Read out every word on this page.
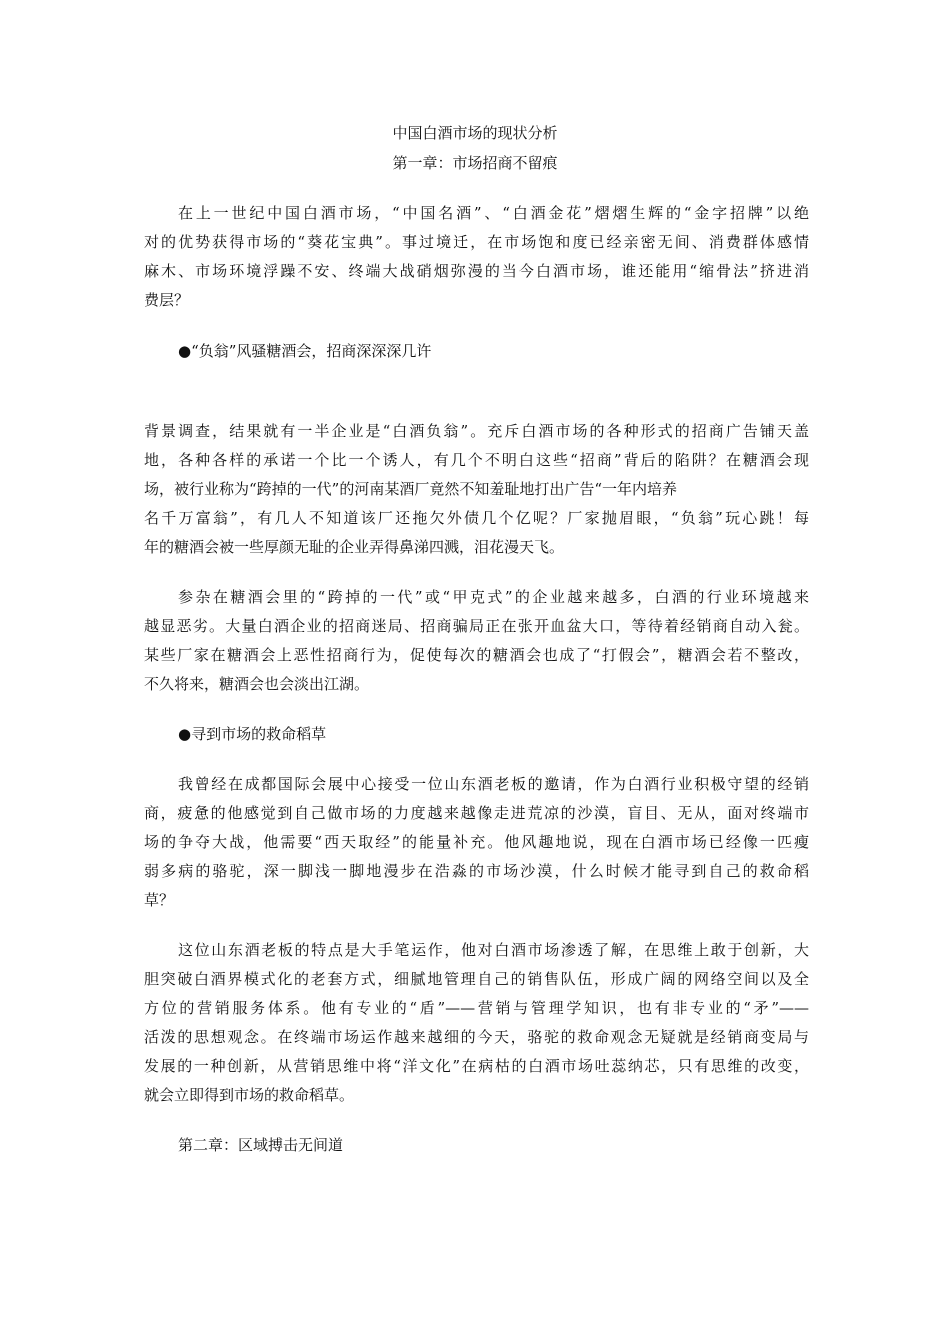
中国白酒市场的现状分析
第一章：市场招商不留痕
在上一世纪中国白酒市场，“中国名酒”、“白酒金花”熠熠生辉的“金字招牌”以绝
对的优势获得市场的“葵花宝典”。事过境迁，在市场饱和度已经亲密无间、消费群体感情
麻木、市场环境浮躁不安、终端大战硝烟弥漫的当今白酒市场，谁还能用“缩骨法”挤进消
费层？
●“负翁”风骚糖酒会，招商深深深几许
背景调查，结果就有一半企业是“白酒负翁”。充斥白酒市场的各种形式的招商广告铺天盖
地，各种各样的承诺一个比一个诱人，有几个不明白这些“招商”背后的陷阱？在糖酒会现
场，被行业称为“跨掉的一代”的河南某酒厂竟然不知羞耻地打出广告“一年内培养
名千万富翁”，有几人不知道该厂还拖欠外债几个亿呢？厂家抛眉眼，“负翁”玩心跳！每
年的糖酒会被一些厚颜无耻的企业弄得鼻涕四溅，泪花漫天飞。
参杂在糖酒会里的“跨掉的一代”或“甲克式”的企业越来越多，白酒的行业环境越来
越显恶劣。大量白酒企业的招商迷局、招商骗局正在张开血盆大口，等待着经销商自动入瓮。
某些厂家在糖酒会上恶性招商行为，促使每次的糖酒会也成了“打假会”，糖酒会若不整改，
不久将来，糖酒会也会淡出江湖。
●寻到市场的救命稻草
我曾经在成都国际会展中心接受一位山东酒老板的邀请，作为白酒行业积极守望的经销
商，疲惫的他感觉到自己做市场的力度越来越像走进荒凉的沙漠，盲目、无从，面对终端市
场的争夺大战，他需要“西天取经”的能量补充。他风趣地说，现在白酒市场已经像一匹瘦
弱多病的骆驼，深一脚浅一脚地漫步在浩淼的市场沙漠，什么时候才能寻到自己的救命稻
草？
这位山东酒老板的特点是大手笔运作，他对白酒市场渗透了解，在思维上敢于创新，大
胆突破白酒界模式化的老套方式，细腻地管理自己的销售队伍，形成广阔的网络空间以及全
方位的营销服务体系。他有专业的“盾”——营销与管理学知识，也有非专业的“矛”——
活泼的思想观念。在终端市场运作越来越细的今天，骆驼的救命观念无疑就是经销商变局与
发展的一种创新，从营销思维中将“洋文化”在病枯的白酒市场吐蕊纳芯，只有思维的改变，
就会立即得到市场的救命稻草。
第二章：区域搏击无间道
